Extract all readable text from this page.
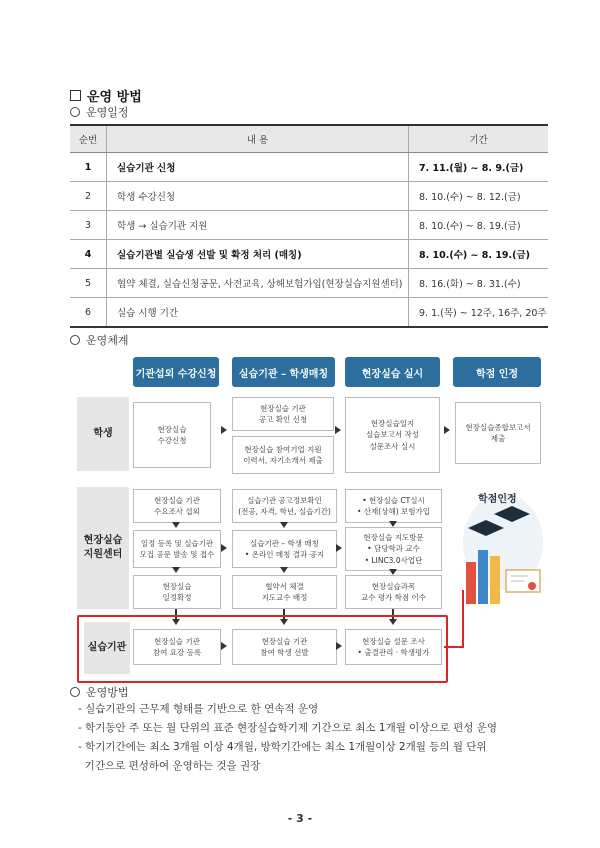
운영 방법
운영일정
순번	내 용	기간
1	실습기관 신청	7. 11.(월) ~ 8. 9.(금)
2	학생 수강신청	8. 10.(수) ~ 8. 12.(금)
3	학생 → 실습기관 지원	8. 10.(수) ~ 8. 19.(금)
4	실습기관별 실습생 선발 및 확정 처리 (매칭)	8. 10.(수) ~ 8. 19.(금)
5	협약 체결, 실습신청공문, 사전교육, 상해보험가입(현장실습지원센터)	8. 16.(화) ~ 8. 31.(수)
6	실습 시행 기간	9. 1.(목) ~ 12주, 16주, 20주
운영체계
기관섭외 수강신청	실습기관 – 학생매칭	현장실습 실시	학점 인정
학생
현장실습
지원센터
실습기관
현장실습
수강신청
현장실습 기관
공고 확인 신청
현장실습 참여기업 지원
이력서, 자기소개서 제출
현장실습일지
실습보고서 작성
설문조사 실시
현장실습종합보고서
제출
현장실습 기관
수요조사 섭외
일정 등록 및 실습기관
모집 공문 발송 및 접수
현장실습
일정확정
실습기관 공고정보확인
(전공, 자격, 학년, 실습기간)
실습기관 – 학생 매칭
• 온라인 매칭 결과 공지
협약서 체결
지도교수 배정
• 현장실습 CT실시
• 산재(상해) 보험가입
현장실습 지도방문
• 담당학과 교수
• LINC3.0사업단
현장실습과목
교수 평가 학점 이수
현장실습 기관
참여 요강 등록
현장실습 기관
참여 학생 선발
현장실습 설문 조사
• 출결관리 · 학생평가
학점인정
운영방법
- 실습기관의 근무제 형태를 기반으로 한 연속적 운영
- 학기동안 주 또는 월 단위의 표준 현장실습학기제 기간으로 최소 1개월 이상으로 편성 운영
- 학기기간에는 최소 3개월 이상 4개월, 방학기간에는 최소 1개월이상 2개월 등의 월 단위
기간으로 편성하여 운영하는 것을 권장
- 3 -
